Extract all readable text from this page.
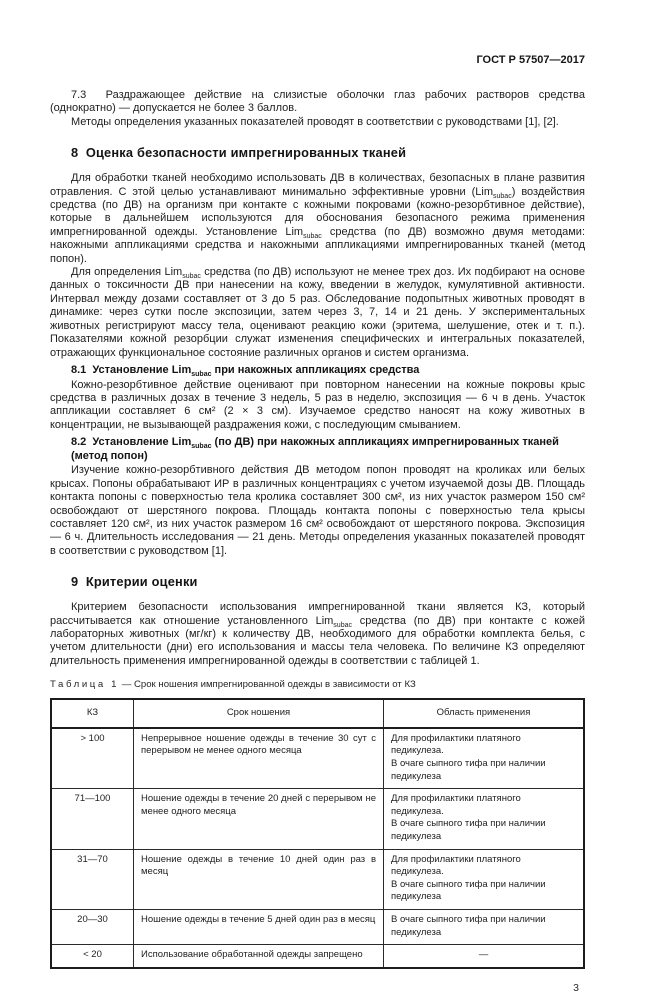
ГОСТ Р 57507—2017
7.3  Раздражающее действие на слизистые оболочки глаз рабочих растворов средства (однократно) — допускается не более 3 баллов.
Методы определения указанных показателей проводят в соответствии с руководствами [1], [2].
8  Оценка безопасности импрегнированных тканей
Для обработки тканей необходимо использовать ДВ в количествах, безопасных в плане развития отравления. С этой целью устанавливают минимально эффективные уровни (Lim$_{subac}$) воздействия средства (по ДВ) на организм при контакте с кожными покровами (кожно-резорбтивное действие), которые в дальнейшем используются для обоснования безопасного режима применения импрегнированной одежды. Установление Lim$_{subac}$ средства (по ДВ) возможно двумя методами: накожными аппликациями средства и накожными аппликациями импрегнированных тканей (метод попон).
Для определения Lim$_{subac}$ средства (по ДВ) используют не менее трех доз. Их подбирают на основе данных о токсичности ДВ при нанесении на кожу, введении в желудок, кумулятивной активности. Интервал между дозами составляет от 3 до 5 раз. Обследование подопытных животных проводят в динамике: через сутки после экспозиции, затем через 3, 7, 14 и 21 день. У экспериментальных животных регистрируют массу тела, оценивают реакцию кожи (эритема, шелушение, отек и т. п.). Показателями кожной резорбции служат изменения специфических и интегральных показателей, отражающих функциональное состояние различных органов и систем организма.
8.1  Установление Lim$_{subac}$ при накожных аппликациях средства
Кожно-резорбтивное действие оценивают при повторном нанесении на кожные покровы крыс средства в различных дозах в течение 3 недель, 5 раз в неделю, экспозиция — 6 ч в день. Участок аппликации составляет 6 см² (2 × 3 см). Изучаемое средство наносят на кожу животных в концентрации, не вызывающей раздражения кожи, с последующим смыванием.
8.2  Установление Lim$_{subac}$ (по ДВ) при накожных аппликациях импрегнированных тканей (метод попон)
Изучение кожно-резорбтивного действия ДВ методом попон проводят на кроликах или белых крысах. Попоны обрабатывают ИР в различных концентрациях с учетом изучаемой дозы ДВ. Площадь контакта попоны с поверхностью тела кролика составляет 300 см², из них участок размером 150 см² освобождают от шерстяного покрова. Площадь контакта попоны с поверхностью тела крысы составляет 120 см², из них участок размером 16 см² освобождают от шерстяного покрова. Экспозиция — 6 ч. Длительность исследования — 21 день. Методы определения указанных показателей проводят в соответствии с руководством [1].
9  Критерии оценки
Критерием безопасности использования импрегнированной ткани является КЗ, который рассчитывается как отношение установленного Lim$_{subac}$ средства (по ДВ) при контакте с кожей лабораторных животных (мг/кг) к количеству ДВ, необходимого для обработки комплекта белья, с учетом длительности (дни) его использования и массы тела человека. По величине КЗ определяют длительность применения импрегнированной одежды в соответствии с таблицей 1.
Таблица 1 — Срок ношения импрегнированной одежды в зависимости от КЗ
КЗ	Срок ношения	Область применения
> 100	Непрерывное ношение одежды в течение 30 сут с перерывом не менее одного месяца	Для профилактики платяного педикулеза.
В очаге сыпного тифа при наличии педикулеза

71—100	Ношение одежды в течение 20 дней с перерывом не менее одного месяца	Для профилактики платяного педикулеза.
В очаге сыпного тифа при наличии педикулеза

31—70	Ношение одежды в течение 10 дней один раз в месяц	Для профилактики платяного педикулеза.
В очаге сыпного тифа при наличии педикулеза

20—30	Ношение одежды в течение 5 дней один раз в месяц	В очаге сыпного тифа при наличии педикулеза

< 20	Использование обработанной одежды запрещено	—
3
